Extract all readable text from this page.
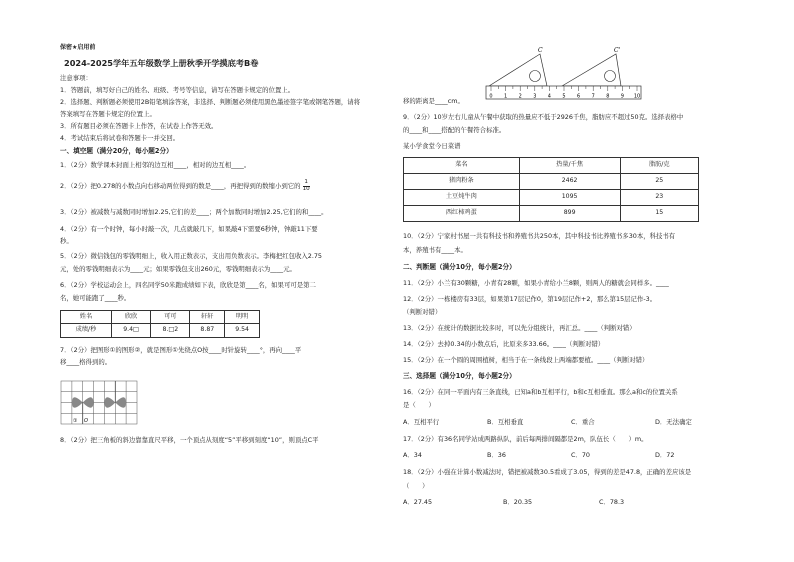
保密★启用前
2024-2025学年五年级数学上册秋季开学摸底考B卷
注意事项：
1．答题前，填写好自己的姓名、班级、考号等信息，请写在答题卡规定的位置上。
2．选择题、判断题必须使用2B铅笔填涂答案，非选择、判断题必须使用黑色墨迹签字笔或钢笔答题，请将
答案填写在答题卡规定的位置上。
3．所有题目必须在答题卡上作答，在试卷上作答无效。
4．考试结束后将试卷和答题卡一并交回。
一、填空题（满分20分，每小题2分）
1．（2分）数学课本封面上相邻的边互相____，相对的边互相____。
2．（2分）把0.278的小数点向右移动两位得到的数是____，再把得到的数缩小到它的 $\frac{1}{10}$
3．（2分）被减数与减数同时增加2.25,它们的差____；两个加数同时增加2.25,它们的和____。
4．（2分）有一个时钟，每小时敲一次，几点就敲几下，如果敲4下需要6秒钟，钟敲11下要
秒。
5．（2分）微信钱包的零钱明细上，收入用正数表示，支出用负数表示。李梅把红包收入2.75
元，处的零钱明细表示为____元；如果零钱包支出260元，零钱明细表示为____元。
6．（2分）学校运动会上，四名同学50米跑成绩如下表，欣欣是第____名，如果可可是第二
名，她可能跑了____秒。
姓名	欣欣	可可	轩轩	明明
成绩/秒	9.4□	8.□2	8.87	9.54
7．（2分）把图形①的图形②，就是图形①先绕点O按____时针旋转____°，再向____平
移____格得到的。
① O
8．（2分）把三角板的斜边靠靠直尺平移，一个顶点从刻度“5”平移到刻度“10”，则顶点C平
C	C'
0 1 2 3 4 5 6 7 8 9 10
移的距离是____cm。
9．（2分）10岁左右儿童从午餐中获取的热量应不低于2926千焦，脂肪应不超过50克。选择表格中
的____和____搭配的午餐符合标准。
某小学食堂今日菜谱
菜名	热量/千焦	脂肪/克
猪肉粉条	2462	25
土豆炖牛肉	1095	23
西红柿鸡蛋	899	15
10．（2分）宁家村书屋一共有科技书和养殖书共250本，其中科技书比养殖书多30本，科技书有
本，养殖书有____本。
二、判断题（满分10分，每小题2分）
11．（2分）小兰有30颗糖，小青有28颗，如果小青给小兰8颗，则两人的糖就会同样多。____
12．（2分）一栋楼房有33层，如果第17层记作0，第19层记作+2，那么第15层记作-3。
（判断对错）
13．（2分）在统计的数据比较多时，可以先分组统计，再汇总。____（判断对错）
14．（2分）去掉0.34的小数点后，比原来多33.66。____（判断对错）
15．（2分）在一个圆的周围植树，相当于在一条线段上两端都要植。____（判断对错）
三、选择题（满分10分，每小题2分）
16．（2分）在同一平面内有三条直线，已知a和b互相平行，b和c互相垂直。那么a和c的位置关系
是（　　）
A．互相平行	B．互相垂直	C．重合	D．无法确定
17．（2分）有36名同学站成两路纵队，前后每两排间隔都是2m，队伍长（　　）m。
A．34	B．36	C．70	D．72
18．（2分）小强在计算小数减法时，错把被减数30.5看成了3.05，得到的差是47.8，正确的差应该是
（　　）
A．27.45	B．20.35	C．78.3
